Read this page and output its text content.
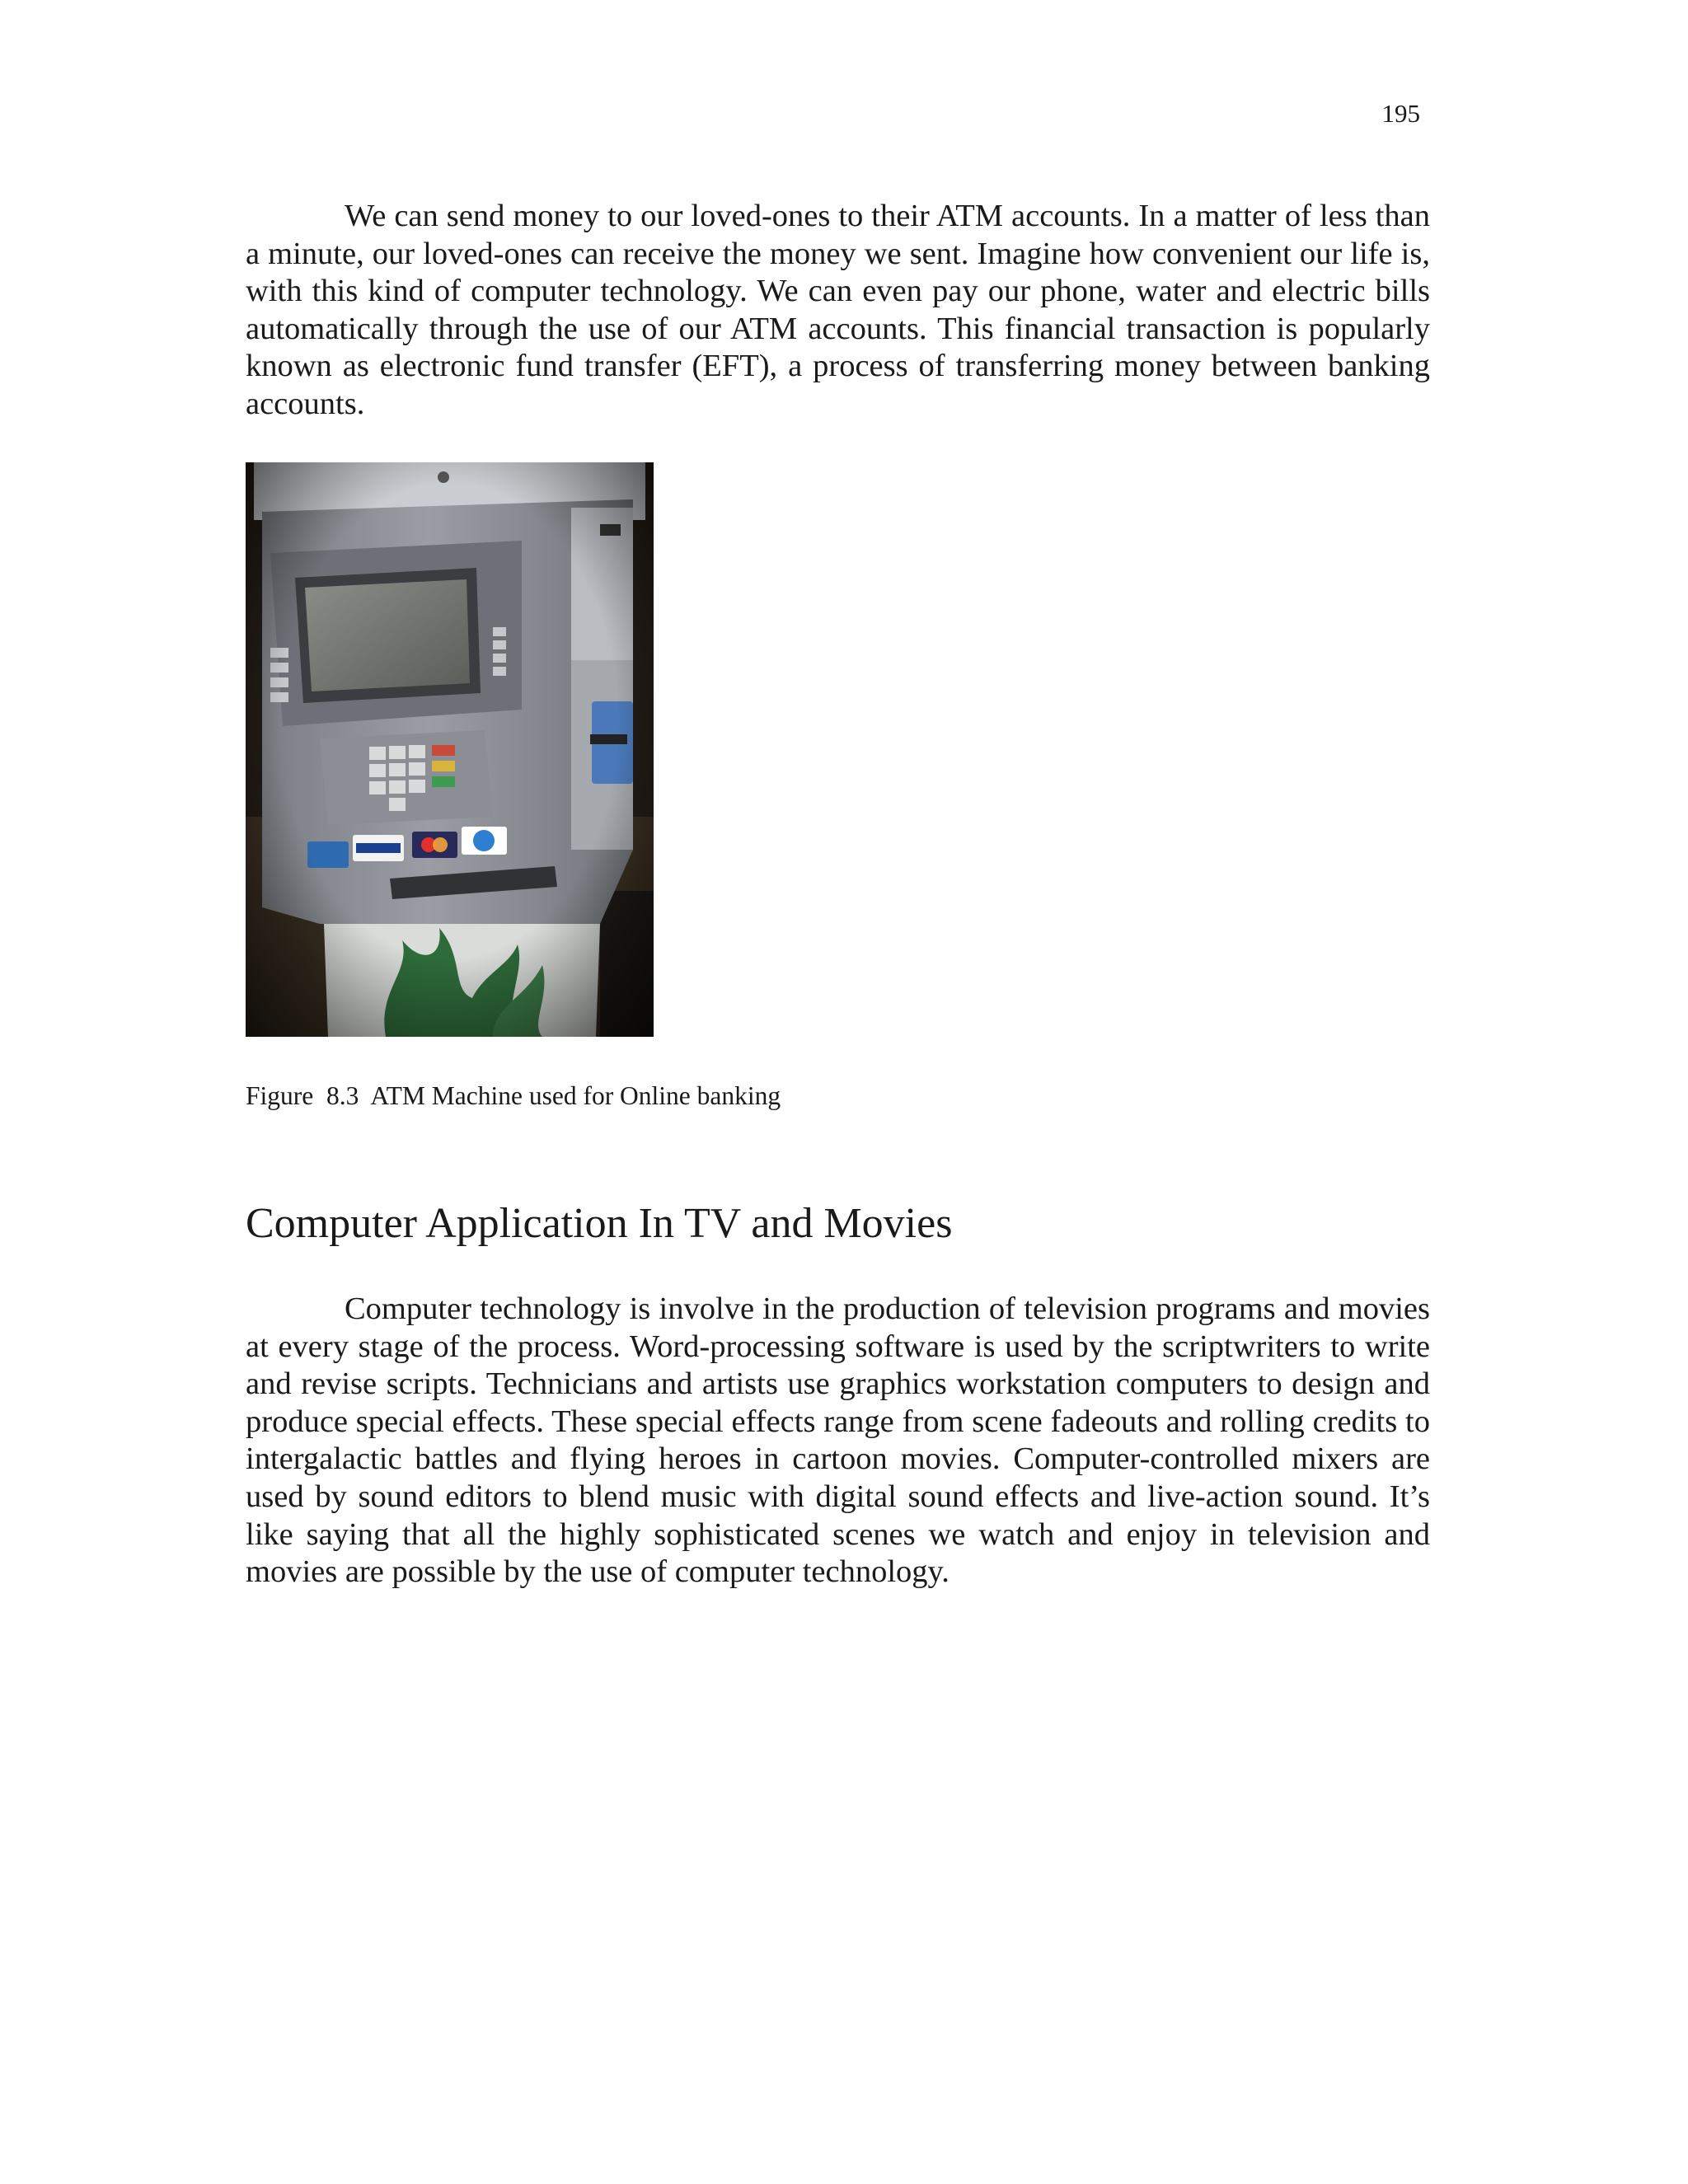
195

We can send money to our loved-ones to their ATM accounts. In a matter of less than a minute, our loved-ones can receive the money we sent. Imagine how convenient our life is, with this kind of computer technology. We can even pay our phone, water and electric bills automatically through the use of our ATM accounts. This financial transaction is popularly known as electronic fund transfer (EFT), a process of transferring money between banking accounts.

Figure  8.3  ATM Machine used for Online banking
Computer Application In TV and Movies

Computer technology is involve in the production of television programs and movies at every stage of the process. Word-processing software is used by the scriptwriters to write and revise scripts. Technicians and artists use graphics workstation computers to design and produce special effects. These special effects range from scene fadeouts and rolling credits to intergalactic battles and flying heroes in cartoon movies. Computer-controlled mixers are used by sound editors to blend music with digital sound effects and live-action sound. It’s like saying that all the highly sophisticated scenes we watch and enjoy in television and movies are possible by the use of computer technology.
